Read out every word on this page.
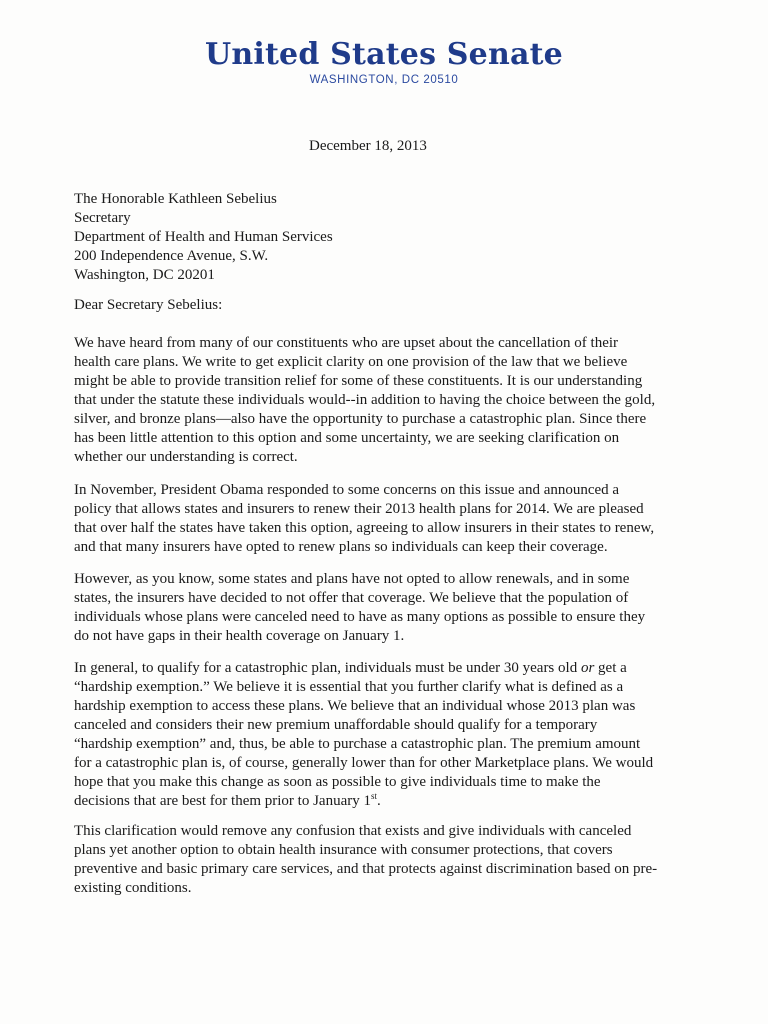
United States Senate
WASHINGTON, DC 20510
December 18, 2013
The Honorable Kathleen Sebelius
Secretary
Department of Health and Human Services
200 Independence Avenue, S.W.
Washington, DC 20201
Dear Secretary Sebelius:

We have heard from many of our constituents who are upset about the cancellation of their
health care plans. We write to get explicit clarity on one provision of the law that we believe
might be able to provide transition relief for some of these constituents. It is our understanding
that under the statute these individuals would--in addition to having the choice between the gold,
silver, and bronze plans—also have the opportunity to purchase a catastrophic plan. Since there
has been little attention to this option and some uncertainty, we are seeking clarification on
whether our understanding is correct.

In November, President Obama responded to some concerns on this issue and announced a
policy that allows states and insurers to renew their 2013 health plans for 2014. We are pleased
that over half the states have taken this option, agreeing to allow insurers in their states to renew,
and that many insurers have opted to renew plans so individuals can keep their coverage.

However, as you know, some states and plans have not opted to allow renewals, and in some
states, the insurers have decided to not offer that coverage. We believe that the population of
individuals whose plans were canceled need to have as many options as possible to ensure they
do not have gaps in their health coverage on January 1.

In general, to qualify for a catastrophic plan, individuals must be under 30 years old or get a
“hardship exemption.” We believe it is essential that you further clarify what is defined as a
hardship exemption to access these plans. We believe that an individual whose 2013 plan was
canceled and considers their new premium unaffordable should qualify for a temporary
“hardship exemption” and, thus, be able to purchase a catastrophic plan. The premium amount
for a catastrophic plan is, of course, generally lower than for other Marketplace plans. We would
hope that you make this change as soon as possible to give individuals time to make the
decisions that are best for them prior to January 1st.

This clarification would remove any confusion that exists and give individuals with canceled
plans yet another option to obtain health insurance with consumer protections, that covers
preventive and basic primary care services, and that protects against discrimination based on pre-
existing conditions.
